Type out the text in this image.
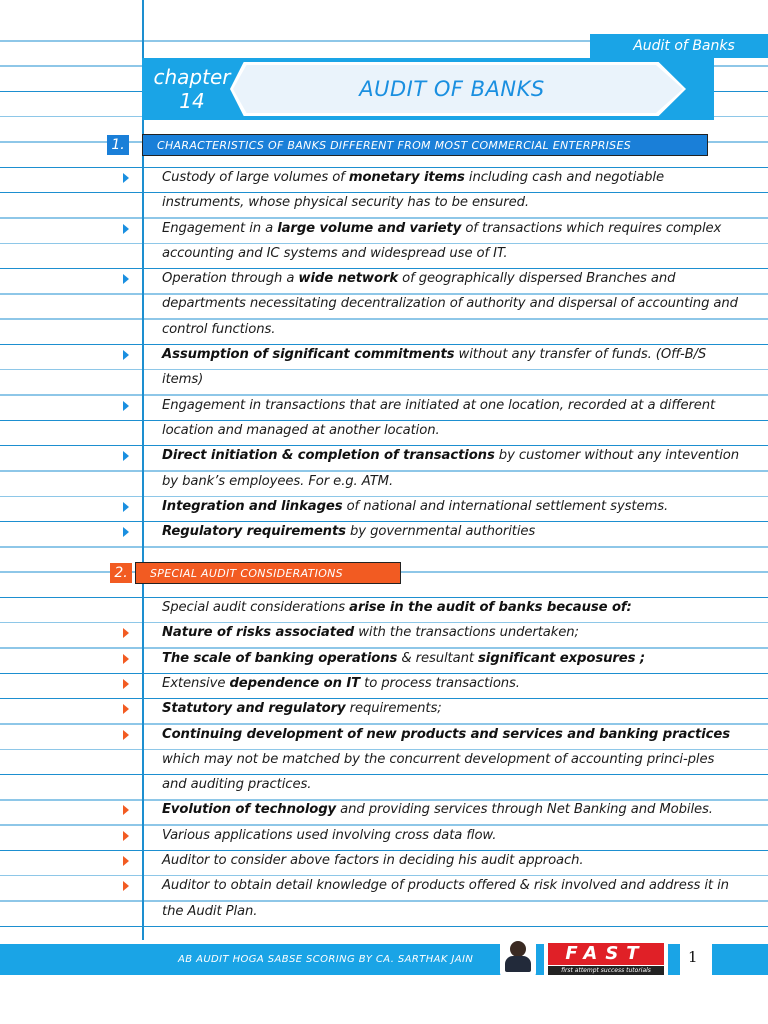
Audit of Banks
chapter
14	AUDIT OF BANKS
1.	CHARACTERISTICS OF BANKS DIFFERENT FROM MOST COMMERCIAL ENTERPRISES
2.	SPECIAL AUDIT CONSIDERATIONS
AB AUDIT HOGA SABSE SCORING BY CA. SARTHAK JAIN	FAST
first attempt success tutorials
1
Custody of large volumes of monetary items including cash and negotiable instruments, whose physical security has to be ensured.
Engagement in a large volume and variety of transactions which requires complex accounting and IC systems and widespread use of IT.
Operation through a wide network of geographically dispersed Branches and departments necessitating decentralization of authority and dispersal of accounting and control functions.
Assumption of significant commitments without any transfer of funds. (Off-B/S items)
Engagement in transactions that are initiated at one location, recorded at a different location and managed at another location.
Direct initiation & completion of transactions by customer without any intevention by bank’s employees. For e.g. ATM.
Integration and linkages of national and international settlement systems.
Regulatory requirements by governmental authorities
Special audit considerations arise in the audit of banks because of:
Nature of risks associated with the transactions undertaken;
The scale of banking operations & resultant significant exposures ;
Extensive dependence on IT to process transactions.
Statutory and regulatory requirements;
Continuing development of new products and services and banking practices which may not be matched by the concurrent development of accounting princi-ples and auditing practices.
Evolution of technology and providing services through Net Banking and Mobiles.
Various applications used involving cross data flow.
Auditor to consider above factors in deciding his audit approach.
Auditor to obtain detail knowledge of products offered & risk involved and address it in the Audit Plan.
